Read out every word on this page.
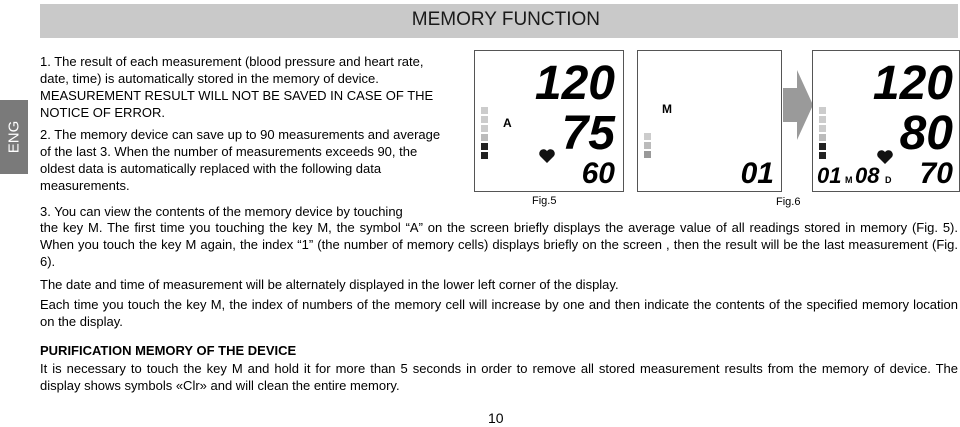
MEMORY FUNCTION
ENG

1. The result of each measurement (blood pressure and heart rate, date, time) is automatically stored in the memory of device. MEASUREMENT RESULT WILL NOT BE SAVED IN CASE OF THE NOTICE OF ERROR.

2. The memory device can save up to 90 measurements and average of the last 3. When the number of measurements exceeds 90, the oldest data is automatically replaced with the following data measurements.

3. You can view the contents of the memory device by touching

the key M. The first time you touching the key M, the symbol “A” on the screen briefly displays the average value of all readings stored in memory (Fig. 5). When you touch the key M again, the index “1” (the number of memory cells) displays briefly on the screen , then the result will be the last measurement (Fig. 6).
The date and time of measurement will be alternately displayed in the lower left corner of the display.
Each time you touch the key M, the index of numbers of the memory cell will increase by one and then indicate the contents of the specified memory location on the display.
PURIFICATION MEMORY OF THE DEVICE
It is necessary to touch the key M and hold it for more than 5 seconds in order to remove all stored measurement results from the memory of device. The display shows symbols «Clr» and will clean the entire memory.
10
A
120
75
60
Fig.5
M
01
120
80
01 M 08 D 70
Fig.6
